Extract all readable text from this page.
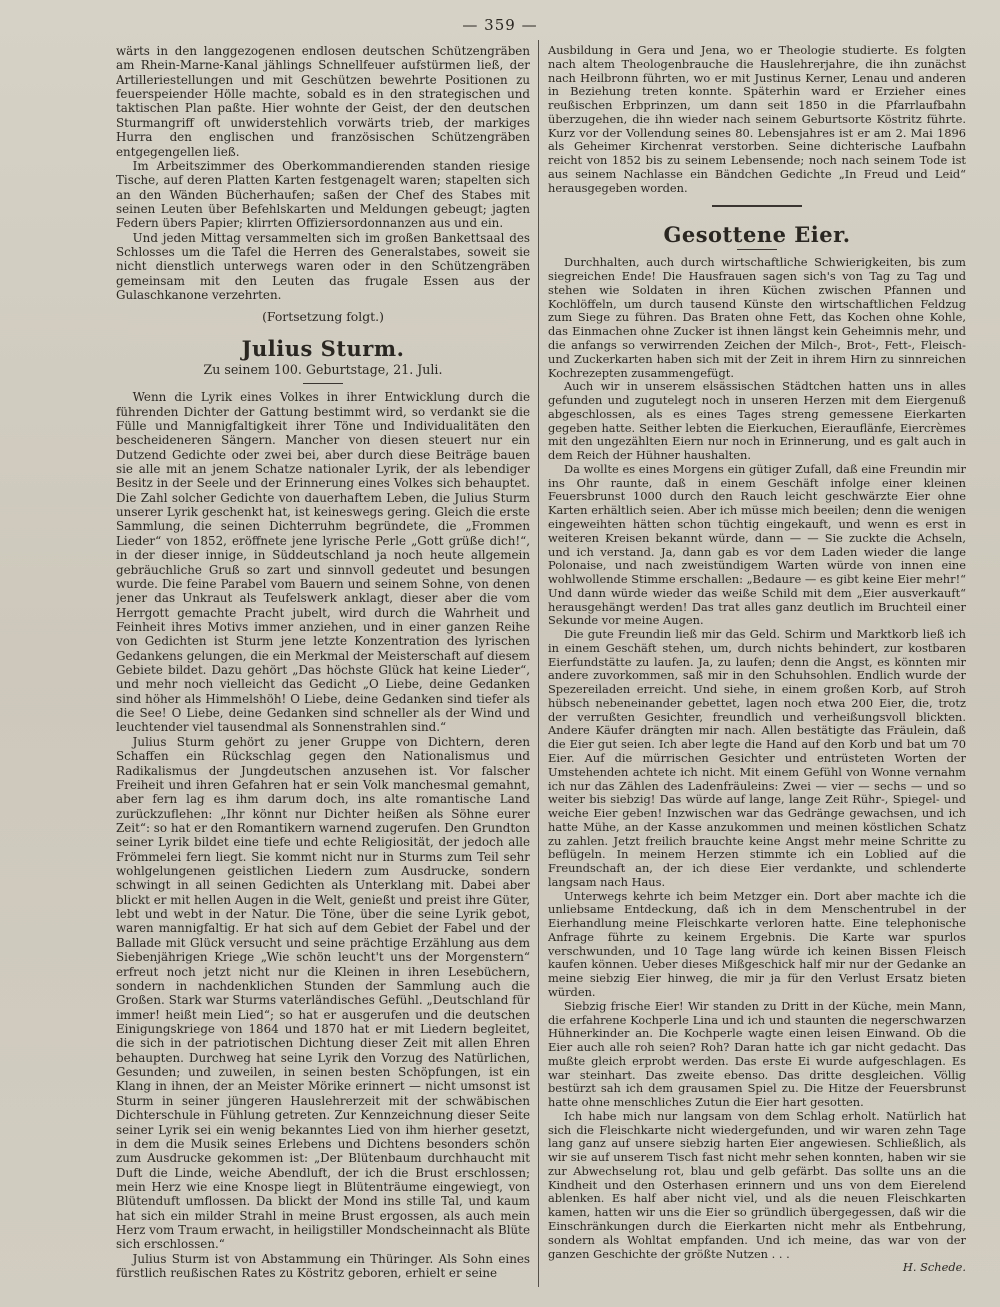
— 359 —

wärts in den langgezogenen endlosen deutschen Schützengräben am Rhein-Marne-Kanal jählings Schnellfeuer aufstürmen ließ, der Artilleriestellungen und mit Geschützen bewehrte Positionen zu feuerspeiender Hölle machte, sobald es in den strategischen und taktischen Plan paßte. Hier wohnte der Geist, der den deutschen Sturmangriff oft unwiderstehlich vorwärts trieb, der markiges Hurra den englischen und französischen Schützengräben entgegengellen ließ.

Im Arbeitszimmer des Oberkommandierenden standen riesige Tische, auf deren Platten Karten festgenagelt waren; stapelten sich an den Wänden Bücherhaufen; saßen der Chef des Stabes mit seinen Leuten über Befehlskarten und Meldungen gebeugt; jagten Federn übers Papier; klirrten Offiziersordonnanzen aus und ein.

Und jeden Mittag versammelten sich im großen Bankettsaal des Schlosses um die Tafel die Herren des Generalstabes, soweit sie nicht dienstlich unterwegs waren oder in den Schützengräben gemeinsam mit den Leuten das frugale Essen aus der Gulaschkanone verzehrten.

(Fortsetzung folgt.)
Julius Sturm.
Zu seinem 100. Geburtstage, 21. Juli.

Wenn die Lyrik eines Volkes in ihrer Entwicklung durch die führenden Dichter der Gattung bestimmt wird, so verdankt sie die Fülle und Mannigfaltigkeit ihrer Töne und Individualitäten den bescheideneren Sängern. Mancher von diesen steuert nur ein Dutzend Gedichte oder zwei bei, aber durch diese Beiträge bauen sie alle mit an jenem Schatze nationaler Lyrik, der als lebendiger Besitz in der Seele und der Erinnerung eines Volkes sich behauptet. Die Zahl solcher Gedichte von dauerhaftem Leben, die Julius Sturm unserer Lyrik geschenkt hat, ist keineswegs gering. Gleich die erste Sammlung, die seinen Dichterruhm begründete, die „Frommen Lieder“ von 1852, eröffnete jene lyrische Perle „Gott grüße dich!“, in der dieser innige, in Süddeutschland ja noch heute allgemein gebräuchliche Gruß so zart und sinnvoll gedeutet und besungen wurde. Die feine Parabel vom Bauern und seinem Sohne, von denen jener das Unkraut als Teufelswerk anklagt, dieser aber die vom Herrgott gemachte Pracht jubelt, wird durch die Wahrheit und Feinheit ihres Motivs immer anziehen, und in einer ganzen Reihe von Gedichten ist Sturm jene letzte Konzentration des lyrischen Gedankens gelungen, die ein Merkmal der Meisterschaft auf diesem Gebiete bildet. Dazu gehört „Das höchste Glück hat keine Lieder“, und mehr noch vielleicht das Gedicht „O Liebe, deine Gedanken sind höher als Himmelshöh! O Liebe, deine Gedanken sind tiefer als die See! O Liebe, deine Gedanken sind schneller als der Wind und leuchtender viel tausendmal als Sonnenstrahlen sind.“

Julius Sturm gehört zu jener Gruppe von Dichtern, deren Schaffen ein Rückschlag gegen den Nationalismus und Radikalismus der Jungdeutschen anzusehen ist. Vor falscher Freiheit und ihren Gefahren hat er sein Volk manchesmal gemahnt, aber fern lag es ihm darum doch, ins alte romantische Land zurückzuflehen: „Ihr könnt nur Dichter heißen als Söhne eurer Zeit“: so hat er den Romantikern warnend zugerufen. Den Grundton seiner Lyrik bildet eine tiefe und echte Religiosität, der jedoch alle Frömmelei fern liegt. Sie kommt nicht nur in Sturms zum Teil sehr wohlgelungenen geistlichen Liedern zum Ausdrucke, sondern schwingt in all seinen Gedichten als Unterklang mit. Dabei aber blickt er mit hellen Augen in die Welt, genießt und preist ihre Güter, lebt und webt in der Natur. Die Töne, über die seine Lyrik gebot, waren mannigfaltig. Er hat sich auf dem Gebiet der Fabel und der Ballade mit Glück versucht und seine prächtige Erzählung aus dem Siebenjährigen Kriege „Wie schön leucht't uns der Morgenstern“ erfreut noch jetzt nicht nur die Kleinen in ihren Lesebüchern, sondern in nachdenklichen Stunden der Sammlung auch die Großen. Stark war Sturms vaterländisches Gefühl. „Deutschland für immer! heißt mein Lied“; so hat er ausgerufen und die deutschen Einigungskriege von 1864 und 1870 hat er mit Liedern begleitet, die sich in der patriotischen Dichtung dieser Zeit mit allen Ehren behaupten. Durchweg hat seine Lyrik den Vorzug des Natürlichen, Gesunden; und zuweilen, in seinen besten Schöpfungen, ist ein Klang in ihnen, der an Meister Mörike erinnert — nicht umsonst ist Sturm in seiner jüngeren Hauslehrerzeit mit der schwäbischen Dichterschule in Fühlung getreten. Zur Kennzeichnung dieser Seite seiner Lyrik sei ein wenig bekanntes Lied von ihm hierher gesetzt, in dem die Musik seines Erlebens und Dichtens besonders schön zum Ausdrucke gekommen ist: „Der Blütenbaum durchhaucht mit Duft die Linde, weiche Abendluft, der ich die Brust erschlossen; mein Herz wie eine Knospe liegt in Blütenträume eingewiegt, von Blütenduft umflossen. Da blickt der Mond ins stille Tal, und kaum hat sich ein milder Strahl in meine Brust ergossen, als auch mein Herz vom Traum erwacht, in heiligstiller Mondscheinnacht als Blüte sich erschlossen.“

Julius Sturm ist von Abstammung ein Thüringer. Als Sohn eines fürstlich reußischen Rates zu Köstritz geboren, erhielt er seine

Ausbildung in Gera und Jena, wo er Theologie studierte. Es folgten nach altem Theologenbrauche die Hauslehrerjahre, die ihn zunächst nach Heilbronn führten, wo er mit Justinus Kerner, Lenau und anderen in Beziehung treten konnte. Späterhin ward er Erzieher eines reußischen Erbprinzen, um dann seit 1850 in die Pfarrlaufbahn überzugehen, die ihn wieder nach seinem Geburtsorte Köstritz führte. Kurz vor der Vollendung seines 80. Lebensjahres ist er am 2. Mai 1896 als Geheimer Kirchenrat verstorben. Seine dichterische Laufbahn reicht von 1852 bis zu seinem Lebensende; noch nach seinem Tode ist aus seinem Nachlasse ein Bändchen Gedichte „In Freud und Leid“ herausgegeben worden.

Gesottene Eier.

Durchhalten, auch durch wirtschaftliche Schwierigkeiten, bis zum siegreichen Ende! Die Hausfrauen sagen sich's von Tag zu Tag und stehen wie Soldaten in ihren Küchen zwischen Pfannen und Kochlöffeln, um durch tausend Künste den wirtschaftlichen Feldzug zum Siege zu führen. Das Braten ohne Fett, das Kochen ohne Kohle, das Einmachen ohne Zucker ist ihnen längst kein Geheimnis mehr, und die anfangs so verwirrenden Zeichen der Milch-, Brot-, Fett-, Fleisch- und Zuckerkarten haben sich mit der Zeit in ihrem Hirn zu sinnreichen Kochrezepten zusammengefügt.

Auch wir in unserem elsässischen Städtchen hatten uns in alles gefunden und zugutelegt noch in unseren Herzen mit dem Eiergenuß abgeschlossen, als es eines Tages streng gemessene Eierkarten gegeben hatte. Seither lebten die Eierkuchen, Eierauflänfe, Eiercrèmes mit den ungezählten Eiern nur noch in Erinnerung, und es galt auch in dem Reich der Hühner haushalten.

Da wollte es eines Morgens ein gütiger Zufall, daß eine Freundin mir ins Ohr raunte, daß in einem Geschäft infolge einer kleinen Feuersbrunst 1000 durch den Rauch leicht geschwärzte Eier ohne Karten erhältlich seien. Aber ich müsse mich beeilen; denn die wenigen eingeweihten hätten schon tüchtig eingekauft, und wenn es erst in weiteren Kreisen bekannt würde, dann — — Sie zuckte die Achseln, und ich verstand. Ja, dann gab es vor dem Laden wieder die lange Polonaise, und nach zweistündigem Warten würde von innen eine wohlwollende Stimme erschallen: „Bedaure — es gibt keine Eier mehr!“ Und dann würde wieder das weiße Schild mit dem „Eier ausverkauft“ herausgehängt werden! Das trat alles ganz deutlich im Bruchteil einer Sekunde vor meine Augen.

Die gute Freundin ließ mir das Geld. Schirm und Marktkorb ließ ich in einem Geschäft stehen, um, durch nichts behindert, zur kostbaren Eierfundstätte zu laufen. Ja, zu laufen; denn die Angst, es könnten mir andere zuvorkommen, saß mir in den Schuhsohlen. Endlich wurde der Spezereiladen erreicht. Und siehe, in einem großen Korb, auf Stroh hübsch nebeneinander gebettet, lagen noch etwa 200 Eier, die, trotz der verrußten Gesichter, freundlich und verheißungsvoll blickten. Andere Käufer drängten mir nach. Allen bestätigte das Fräulein, daß die Eier gut seien. Ich aber legte die Hand auf den Korb und bat um 70 Eier. Auf die mürrischen Gesichter und entrüsteten Worten der Umstehenden achtete ich nicht. Mit einem Gefühl von Wonne vernahm ich nur das Zählen des Ladenfräuleins: Zwei — vier — sechs — und so weiter bis siebzig! Das würde auf lange, lange Zeit Rühr-, Spiegel- und weiche Eier geben! Inzwischen war das Gedränge gewachsen, und ich hatte Mühe, an der Kasse anzukommen und meinen köstlichen Schatz zu zahlen. Jetzt freilich brauchte keine Angst mehr meine Schritte zu beflügeln. In meinem Herzen stimmte ich ein Loblied auf die Freundschaft an, der ich diese Eier verdankte, und schlenderte langsam nach Haus.

Unterwegs kehrte ich beim Metzger ein. Dort aber machte ich die unliebsame Entdeckung, daß ich in dem Menschentrubel in der Eierhandlung meine Fleischkarte verloren hatte. Eine telephonische Anfrage führte zu keinem Ergebnis. Die Karte war spurlos verschwunden, und 10 Tage lang würde ich keinen Bissen Fleisch kaufen können. Ueber dieses Mißgeschick half mir nur der Gedanke an meine siebzig Eier hinweg, die mir ja für den Verlust Ersatz bieten würden.

Siebzig frische Eier! Wir standen zu Dritt in der Küche, mein Mann, die erfahrene Kochperle Lina und ich und staunten die negerschwarzen Hühnerkinder an. Die Kochperle wagte einen leisen Einwand. Ob die Eier auch alle roh seien? Roh? Daran hatte ich gar nicht gedacht. Das mußte gleich erprobt werden. Das erste Ei wurde aufgeschlagen. Es war steinhart. Das zweite ebenso. Das dritte desgleichen. Völlig bestürzt sah ich dem grausamen Spiel zu. Die Hitze der Feuersbrunst hatte ohne menschliches Zutun die Eier hart gesotten.

Ich habe mich nur langsam von dem Schlag erholt. Natürlich hat sich die Fleischkarte nicht wiedergefunden, und wir waren zehn Tage lang ganz auf unsere siebzig harten Eier angewiesen. Schließlich, als wir sie auf unserem Tisch fast nicht mehr sehen konnten, haben wir sie zur Abwechselung rot, blau und gelb gefärbt. Das sollte uns an die Kindheit und den Osterhasen erinnern und uns von dem Eierelend ablenken. Es half aber nicht viel, und als die neuen Fleischkarten kamen, hatten wir uns die Eier so gründlich übergegessen, daß wir die Einschränkungen durch die Eierkarten nicht mehr als Entbehrung, sondern als Wohltat empfanden. Und ich meine, das war von der ganzen Geschichte der größte Nutzen . . .

H. Schede.
